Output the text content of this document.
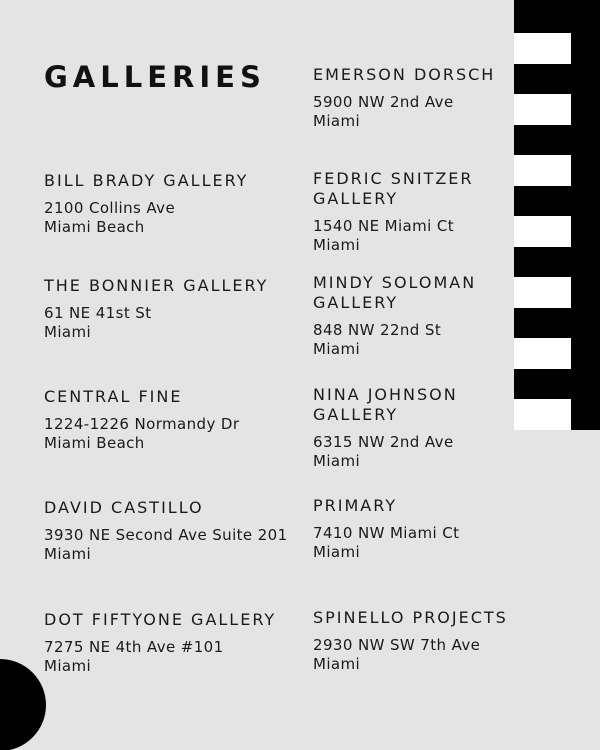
GALLERIES
BILL BRADY GALLERY

2100 Collins Ave
Miami Beach

THE BONNIER GALLERY

61 NE 41st St
Miami

CENTRAL FINE

1224-1226 Normandy Dr
Miami Beach

DAVID CASTILLO

3930 NE Second Ave Suite 201
Miami

DOT FIFTYONE GALLERY

7275 NE 4th Ave #101
Miami

EMERSON DORSCH

5900 NW 2nd Ave
Miami

FEDRIC SNITZER GALLERY

1540 NE Miami Ct
Miami

MINDY SOLOMAN GALLERY

848 NW 22nd St
Miami

NINA JOHNSON GALLERY

6315 NW 2nd Ave
Miami

PRIMARY

7410 NW Miami Ct
Miami

SPINELLO PROJECTS

2930 NW SW 7th Ave
Miami
